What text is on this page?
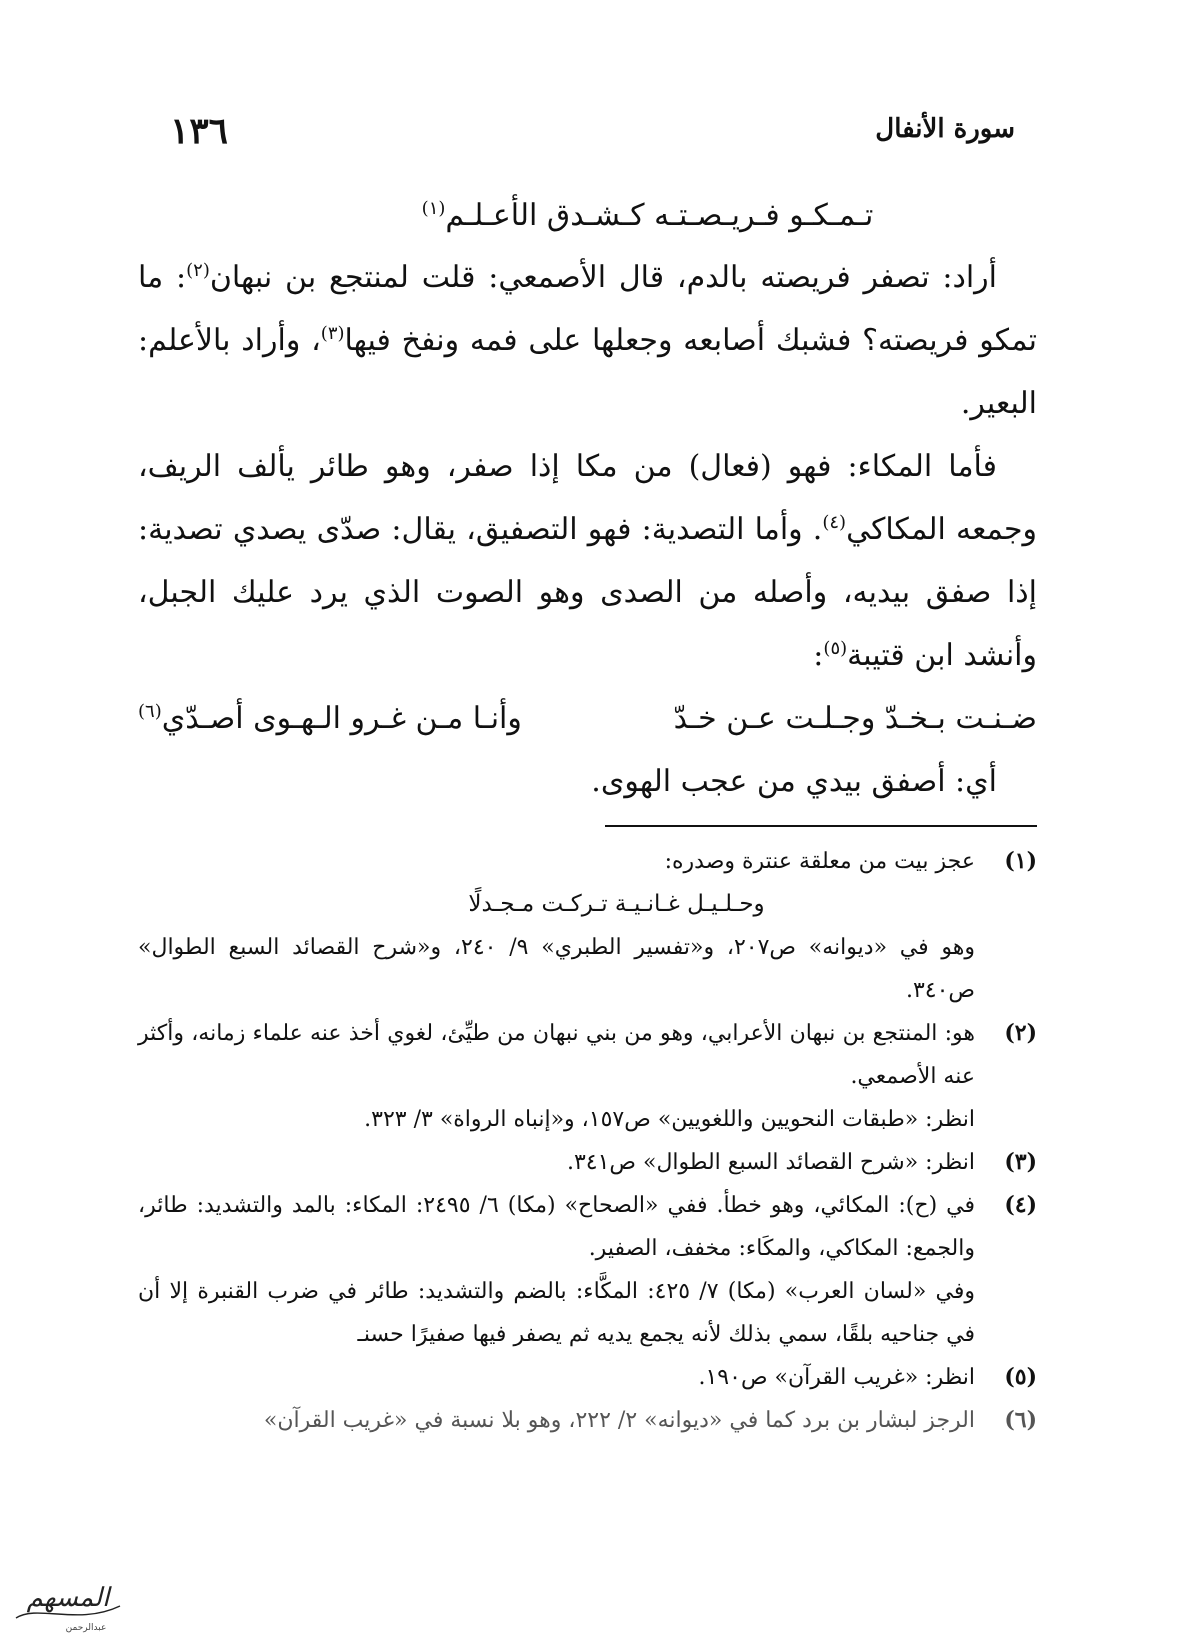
١٣٦	سورة الأنفال
تـمـكـو فـريـصـتـه كـشـدق الأعـلـم$^{(١)}$

أراد: تصفر فريصته بالدم، قال الأصمعي: قلت لمنتجع بن نبهان$^{(٢)}$: ما تمكو فريصته؟ فشبك أصابعه وجعلها على فمه ونفخ فيها$^{(٣)}$، وأراد بالأعلم: البعير.

فأما المكاء: فهو (فعال) من مكا إذا صفر، وهو طائر يألف الريف، وجمعه المكاكي$^{(٤)}$. وأما التصدية: فهو التصفيق، يقال: صدّى يصدي تصدية: إذا صفق بيديه، وأصله من الصدى وهو الصوت الذي يرد عليك الجبل، وأنشد ابن قتيبة$^{(٥)}$:

ضـنـت بـخـدّ وجـلـت عـن خـدّ
وأنـا مـن غـرو الـهـوى أصـدّي$^{(٦)}$

أي: أصفق بيدي من عجب الهوى.

(١)
عجز بيت من معلقة عنترة وصدره:
وحـلـيـل غـانـيـة تـركـت مـجـدلًا
وهو في «ديوانه» ص٢٠٧، و«تفسير الطبري» ٩/ ٢٤٠، و«شرح القصائد السبع الطوال» ص٣٤٠.
(٢)
هو: المنتجع بن نبهان الأعرابي، وهو من بني نبهان من طيِّئ، لغوي أخذ عنه علماء زمانه، وأكثر عنه الأصمعي.
انظر: «طبقات النحويين واللغويين» ص١٥٧، و«إنباه الرواة» ٣/ ٣٢٣.
(٣)
انظر: «شرح القصائد السبع الطوال» ص٣٤١.
(٤)
في (ح): المكائي، وهو خطأ. ففي «الصحاح» (مكا) ٦/ ٢٤٩٥: المكاء: بالمد والتشديد: طائر، والجمع: المكاكي، والمكَاء: مخفف، الصفير.
وفي «لسان العرب» (مكا) ٧/ ٤٢٥: المكَّاء: بالضم والتشديد: طائر في ضرب القنبرة إلا أن في جناحيه بلقًا، سمي بذلك لأنه يجمع يديه ثم يصفر فيها صفيرًا حسنـ
(٥)
انظر: «غريب القرآن» ص١٩٠.
(٦)
الرجز لبشار بن برد كما في «ديوانه» ٢/ ٢٢٢، وهو بلا نسبة في «غريب القرآن»
المسهم
عبدالرحمن
